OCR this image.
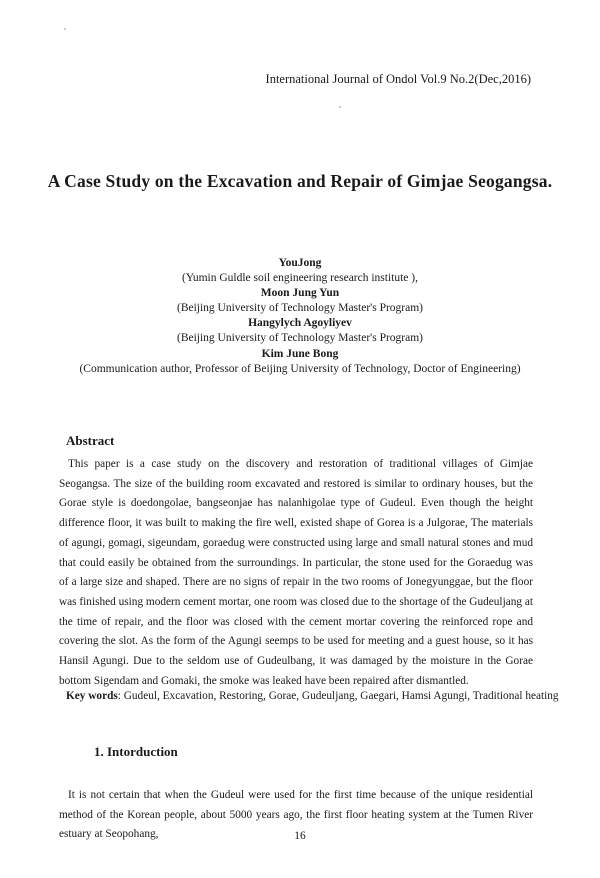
International Journal of Ondol Vol.9 No.2(Dec,2016)
A Case Study on the Excavation and Repair of Gimjae Seogangsa.
YouJong
(Yumin Guldle soil engineering research institute ),
Moon Jung Yun
(Beijing University of Technology Master's Program)
Hangylych Agoyliyev
(Beijing University of Technology Master's Program)
Kim June Bong
(Communication author, Professor of Beijing University of Technology, Doctor of Engineering)
Abstract
This paper is a case study on the discovery and restoration of traditional villages of Gimjae Seogangsa. The size of the building room excavated and restored is similar to ordinary houses, but the Gorae style is doedongolae, bangseonjae has nalanhigolae type of Gudeul. Even though the height difference floor, it was built to making the fire well, existed shape of Gorea is a Julgorae, The materials of agungi, gomagi, sigeundam, goraedug were constructed using large and small natural stones and mud that could easily be obtained from the surroundings. In particular, the stone used for the Goraedug was of a large size and shaped. There are no signs of repair in the two rooms of Jonegyunggae, but the floor was finished using modern cement mortar, one room was closed due to the shortage of the Gudeuljang at the time of repair, and the floor was closed with the cement mortar covering the reinforced rope and covering the slot. As the form of the Agungi seemps to be used for meeting and a guest house, so it has Hansil Agungi. Due to the seldom use of Gudeulbang, it was damaged by the moisture in the Gorae bottom Sigendam and Gomaki, the smoke was leaked have been repaired after dismantled.
Key words: Gudeul, Excavation, Restoring, Gorae, Gudeuljang, Gaegari, Hamsi Agungi, Traditional heating
1. Intorduction
It is not certain that when the Gudeul were used for the first time because of the unique residential method of the Korean people, about 5000 years ago, the first floor heating system at the Tumen River estuary at Seopohang,	16
